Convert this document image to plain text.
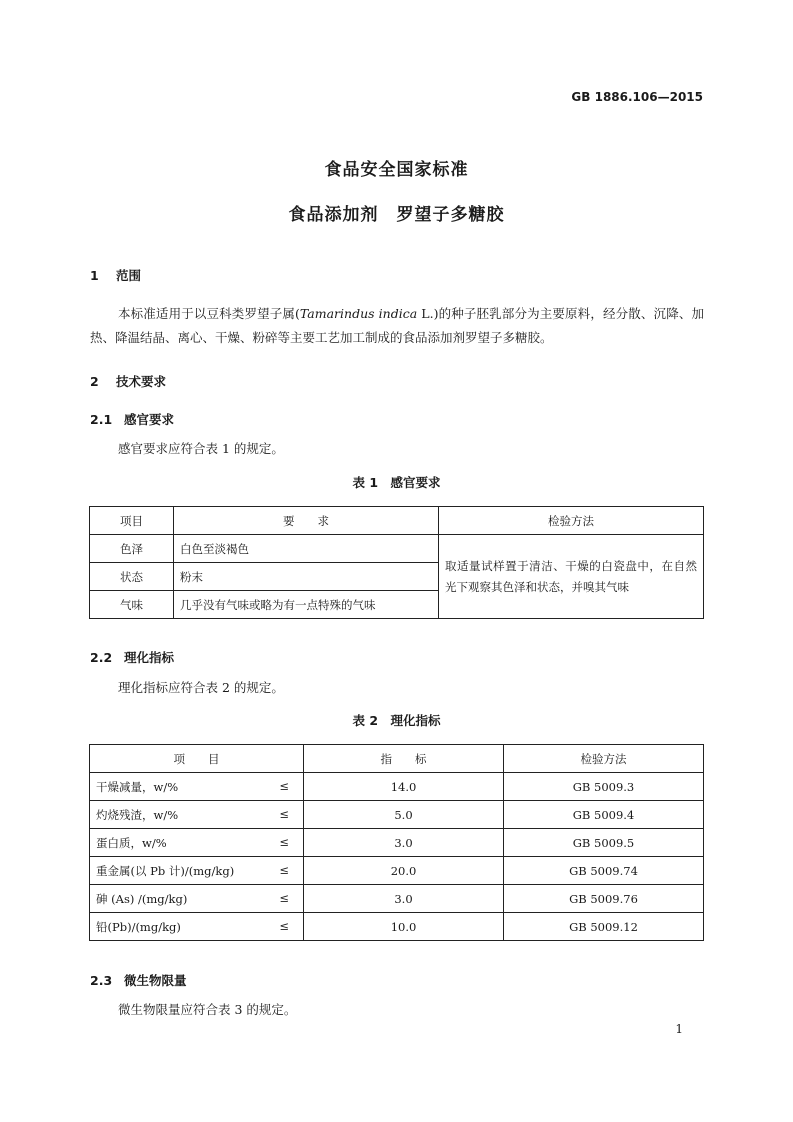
GB 1886.106—2015
食品安全国家标准
食品添加剂　罗望子多糖胶
1 范围

本标准适用于以豆科类罗望子属(Tamarindus indica L.)的种子胚乳部分为主要原料，经分散、沉降、加热、降温结晶、离心、干燥、粉碎等主要工艺加工制成的食品添加剂罗望子多糖胶。

2 技术要求
2.1 感官要求

感官要求应符合表 1 的规定。

表 1　感官要求
项目	要　　求	检验方法
色泽	白色至淡褐色	取适量试样置于清洁、干燥的白瓷盘中，在自然光下观察其色泽和状态，并嗅其气味
状态	粉末	
气味	几乎没有气味或略为有一点特殊的气味	
2.2 理化指标

理化指标应符合表 2 的规定。

表 2　理化指标
项　　目	指　　标	检验方法

干燥减量，w/% ≤	14.0	GB 5009.3

灼烧残渣，w/% ≤	5.0	GB 5009.4

蛋白质，w/% ≤	3.0	GB 5009.5

重金属(以 Pb 计)/(mg/kg) ≤	20.0	GB 5009.74

砷 (As) /(mg/kg) ≤	3.0	GB 5009.76

铅(Pb)/(mg/kg) ≤	10.0	GB 5009.12
2.3 微生物限量

微生物限量应符合表 3 的规定。

1
